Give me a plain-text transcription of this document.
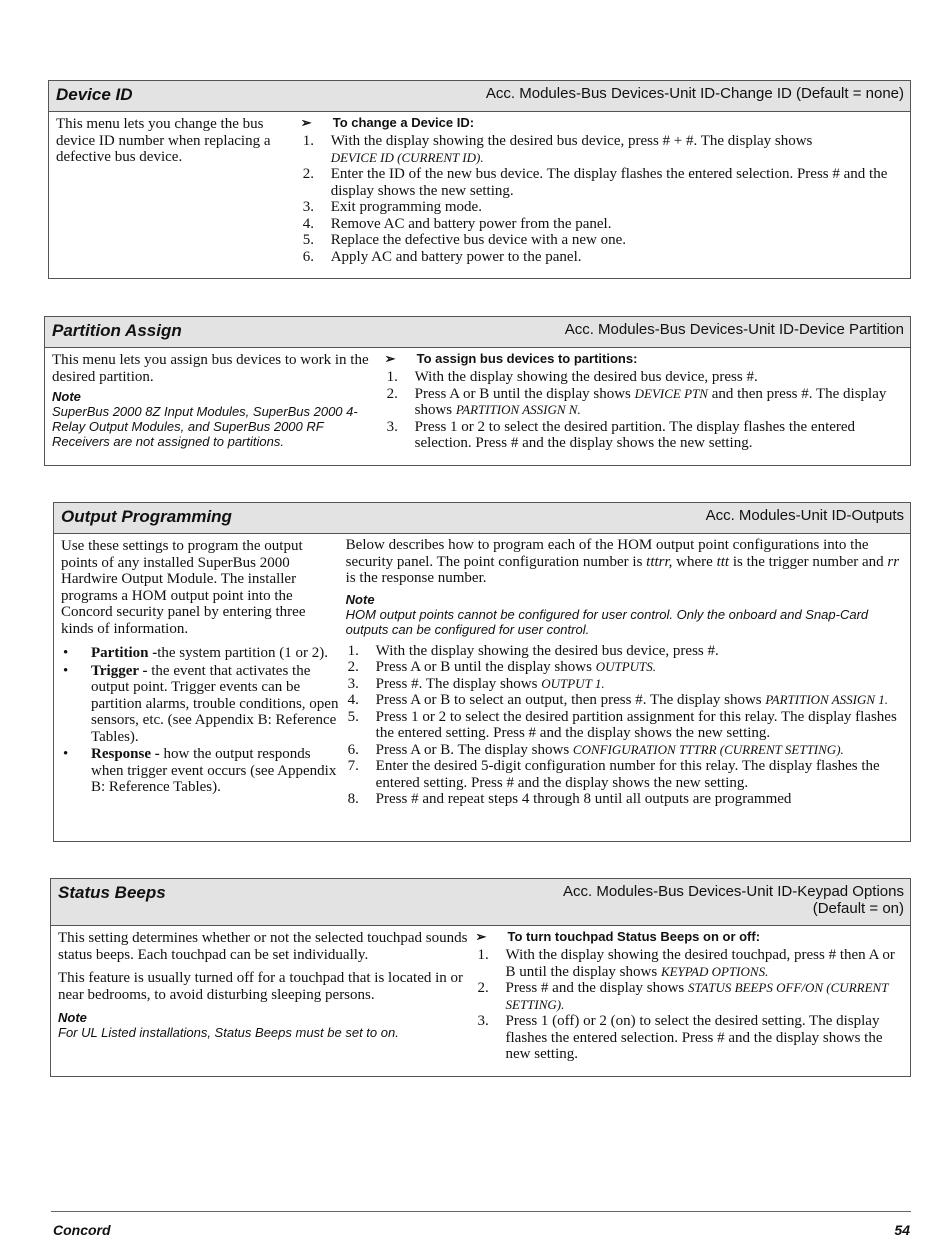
Device ID	Acc. Modules-Bus Devices-Unit ID-Change ID (Default = none)
This menu lets you change the bus device ID number when replacing a defective bus device.
➢	To change a Device ID:
1.	With the display showing the desired bus device, press # + #. The display shows
DEVICE ID (CURRENT ID).
2.	Enter the ID of the new bus device. The display flashes the entered selection. Press # and the display shows the new setting.
3.	Exit programming mode.
4.	Remove AC and battery power from the panel.
5.	Replace the defective bus device with a new one.
6.	Apply AC and battery power to the panel.
Partition Assign	Acc. Modules-Bus Devices-Unit ID-Device Partition
This menu lets you assign bus devices to work in the desired partition.
Note
SuperBus 2000 8Z Input Modules, SuperBus 2000 4-Relay Output Modules, and SuperBus 2000 RF Receivers are not assigned to partitions.
➢	To assign bus devices to partitions:
1.	With the display showing the desired bus device, press #.
2.	Press A or B until the display shows DEVICE PTN and then press #. The display shows PARTITION ASSIGN N.
3.	Press 1 or 2 to select the desired partition. The display flashes the entered selection. Press # and the display shows the new setting.
Output Programming	Acc. Modules-Unit ID-Outputs
Use these settings to program the output points of any installed SuperBus 2000 Hardwire Output Module. The installer programs a HOM output point into the Concord security panel by entering three kinds of information.
•	Partition -the system partition (1 or 2).
•	Trigger - the event that activates the output point. Trigger events can be partition alarms, trouble conditions, open sensors, etc. (see Appendix B: Reference Tables).
•	Response - how the output responds when trigger event occurs (see Appendix B: Reference Tables).
Below describes how to program each of the HOM output point configurations into the security panel. The point configuration number is tttrr, where ttt is the trigger number and rr is the response number.
Note
HOM output points cannot be configured for user control. Only the onboard and Snap-Card outputs can be configured for user control.
1.	With the display showing the desired bus device, press #.
2.	Press A or B until the display shows OUTPUTS.
3.	Press #. The display shows OUTPUT 1.
4.	Press A or B to select an output, then press #. The display shows PARTITION ASSIGN 1.
5.	Press 1 or 2 to select the desired partition assignment for this relay. The display flashes the entered setting. Press # and the display shows the new setting.
6.	Press A or B. The display shows CONFIGURATION TTTRR (CURRENT SETTING).
7.	Enter the desired 5-digit configuration number for this relay. The display flashes the entered setting. Press # and the display shows the new setting.
8.	Press # and repeat steps 4 through 8 until all outputs are programmed
Status Beeps	Acc. Modules-Bus Devices-Unit ID-Keypad Options
(Default = on)

This setting determines whether or not the selected touchpad sounds status beeps. Each touchpad can be set individually.

This feature is usually turned off for a touchpad that is located in or near bedrooms, to avoid disturbing sleeping persons.

Note
For UL Listed installations, Status Beeps must be set to on.
➢	To turn touchpad Status Beeps on or off:
1.	With the display showing the desired touchpad, press # then A or B until the display shows KEYPAD OPTIONS.
2.	Press # and the display shows STATUS BEEPS OFF/ON (CURRENT SETTING).
3.	Press 1 (off) or 2 (on) to select the desired setting. The display flashes the entered selection. Press # and the display shows the new setting.
Concord	54
